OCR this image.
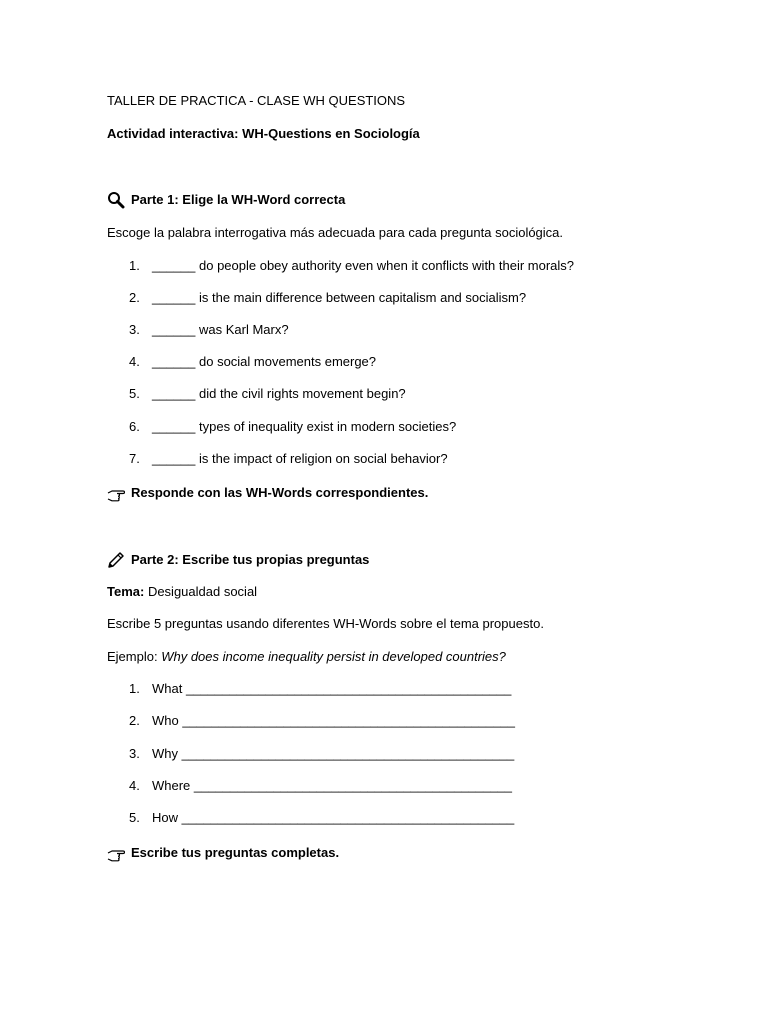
TALLER DE PRACTICA - CLASE WH QUESTIONS
Actividad interactiva: WH-Questions en Sociología
Parte 1: Elige la WH-Word correcta
Escoge la palabra interrogativa más adecuada para cada pregunta sociológica.
1. ______ do people obey authority even when it conflicts with their morals?
2. ______ is the main difference between capitalism and socialism?
3. ______ was Karl Marx?
4. ______ do social movements emerge?
5. ______ did the civil rights movement begin?
6. ______ types of inequality exist in modern societies?
7. ______ is the impact of religion on social behavior?
Responde con las WH-Words correspondientes.
Parte 2: Escribe tus propias preguntas
Tema: Desigualdad social
Escribe 5 preguntas usando diferentes WH-Words sobre el tema propuesto.
Ejemplo: Why does income inequality persist in developed countries?
1. What _____________________________________________
2. Who ______________________________________________
3. Why ______________________________________________
4. Where ____________________________________________
5. How ______________________________________________
Escribe tus preguntas completas.
